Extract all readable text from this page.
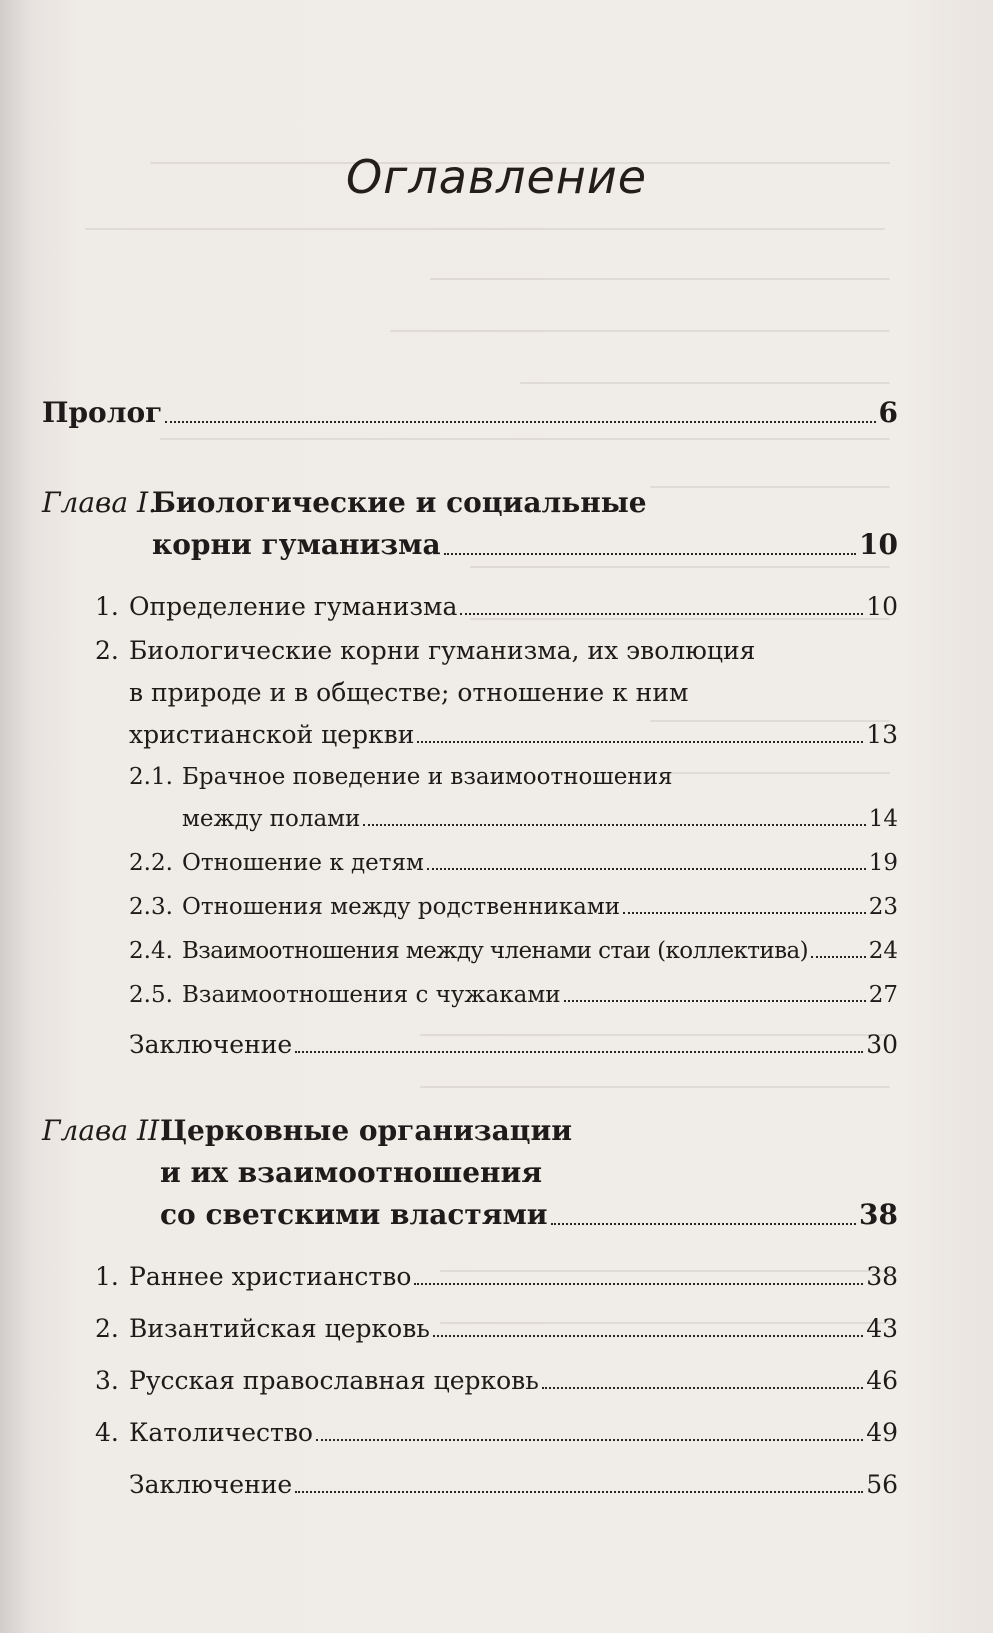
Оглавление
Пролог	6
Глава I.
Биологические и социальные
корни гуманизма	10
1. Определение гуманизма	10
2. Биологические корни гуманизма, их эволюция
в природе и в обществе; отношение к ним
христианской церкви	13
2.1. Брачное поведение и взаимоотношения
между полами	14
2.2. Отношение к детям	19
2.3. Отношения между родственниками	23
2.4. Взаимоотношения между членами стаи (коллектива)	24
2.5. Взаимоотношения с чужаками	27
Заключение	30
Глава II.
Церковные организации
и их взаимоотношения
со светскими властями	38
1. Раннее христианство	38
2. Византийская церковь	43
3. Русская православная церковь	46
4. Католичество	49
Заключение	56
